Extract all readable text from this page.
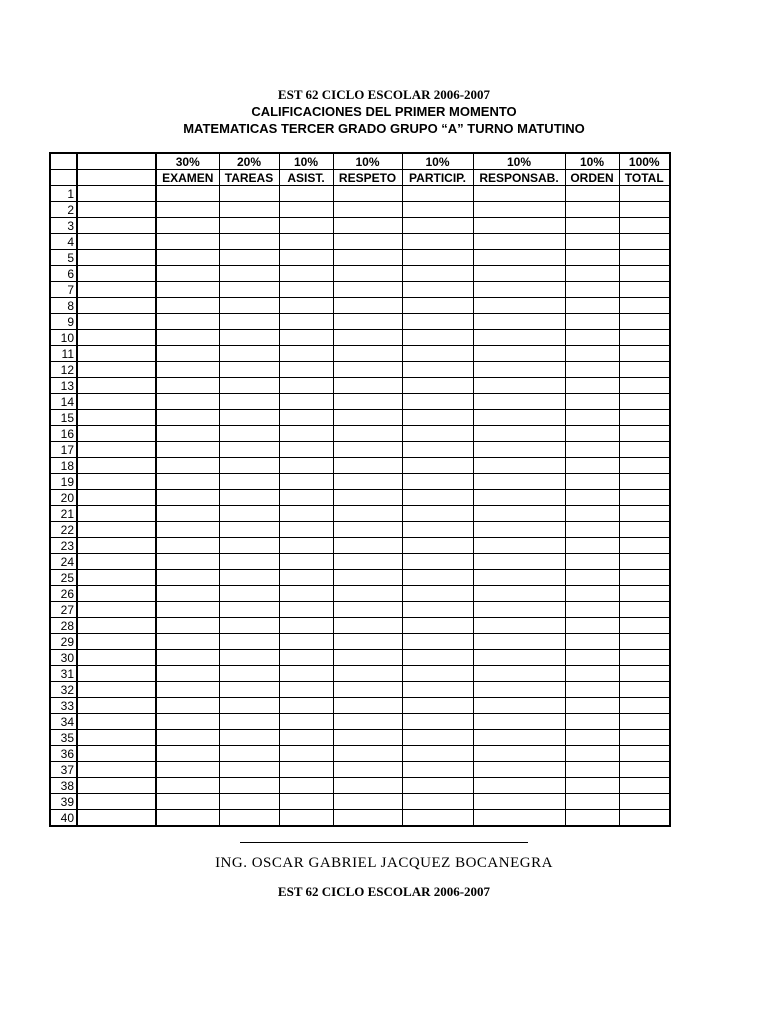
EST 62 CICLO ESCOLAR 2006-2007
CALIFICACIONES DEL PRIMER MOMENTO
MATEMATICAS TERCER GRADO GRUPO “A” TURNO MATUTINO
		30%	20%	10%	10%	10%	10%	10%	100%
		EXAMEN	TAREAS	ASIST.	RESPETO	PARTICIP.	RESPONSAB.	ORDEN	TOTAL
1									
2									
3									
4									
5									
6									
7									
8									
9									
10									
11									
12									
13									
14									
15									
16									
17									
18									
19									
20									
21									
22									
23									
24									
25									
26									
27									
28									
29									
30									
31									
32									
33									
34									
35									
36									
37									
38									
39									
40									
ING. OSCAR GABRIEL JACQUEZ BOCANEGRA
EST 62 CICLO ESCOLAR 2006-2007
